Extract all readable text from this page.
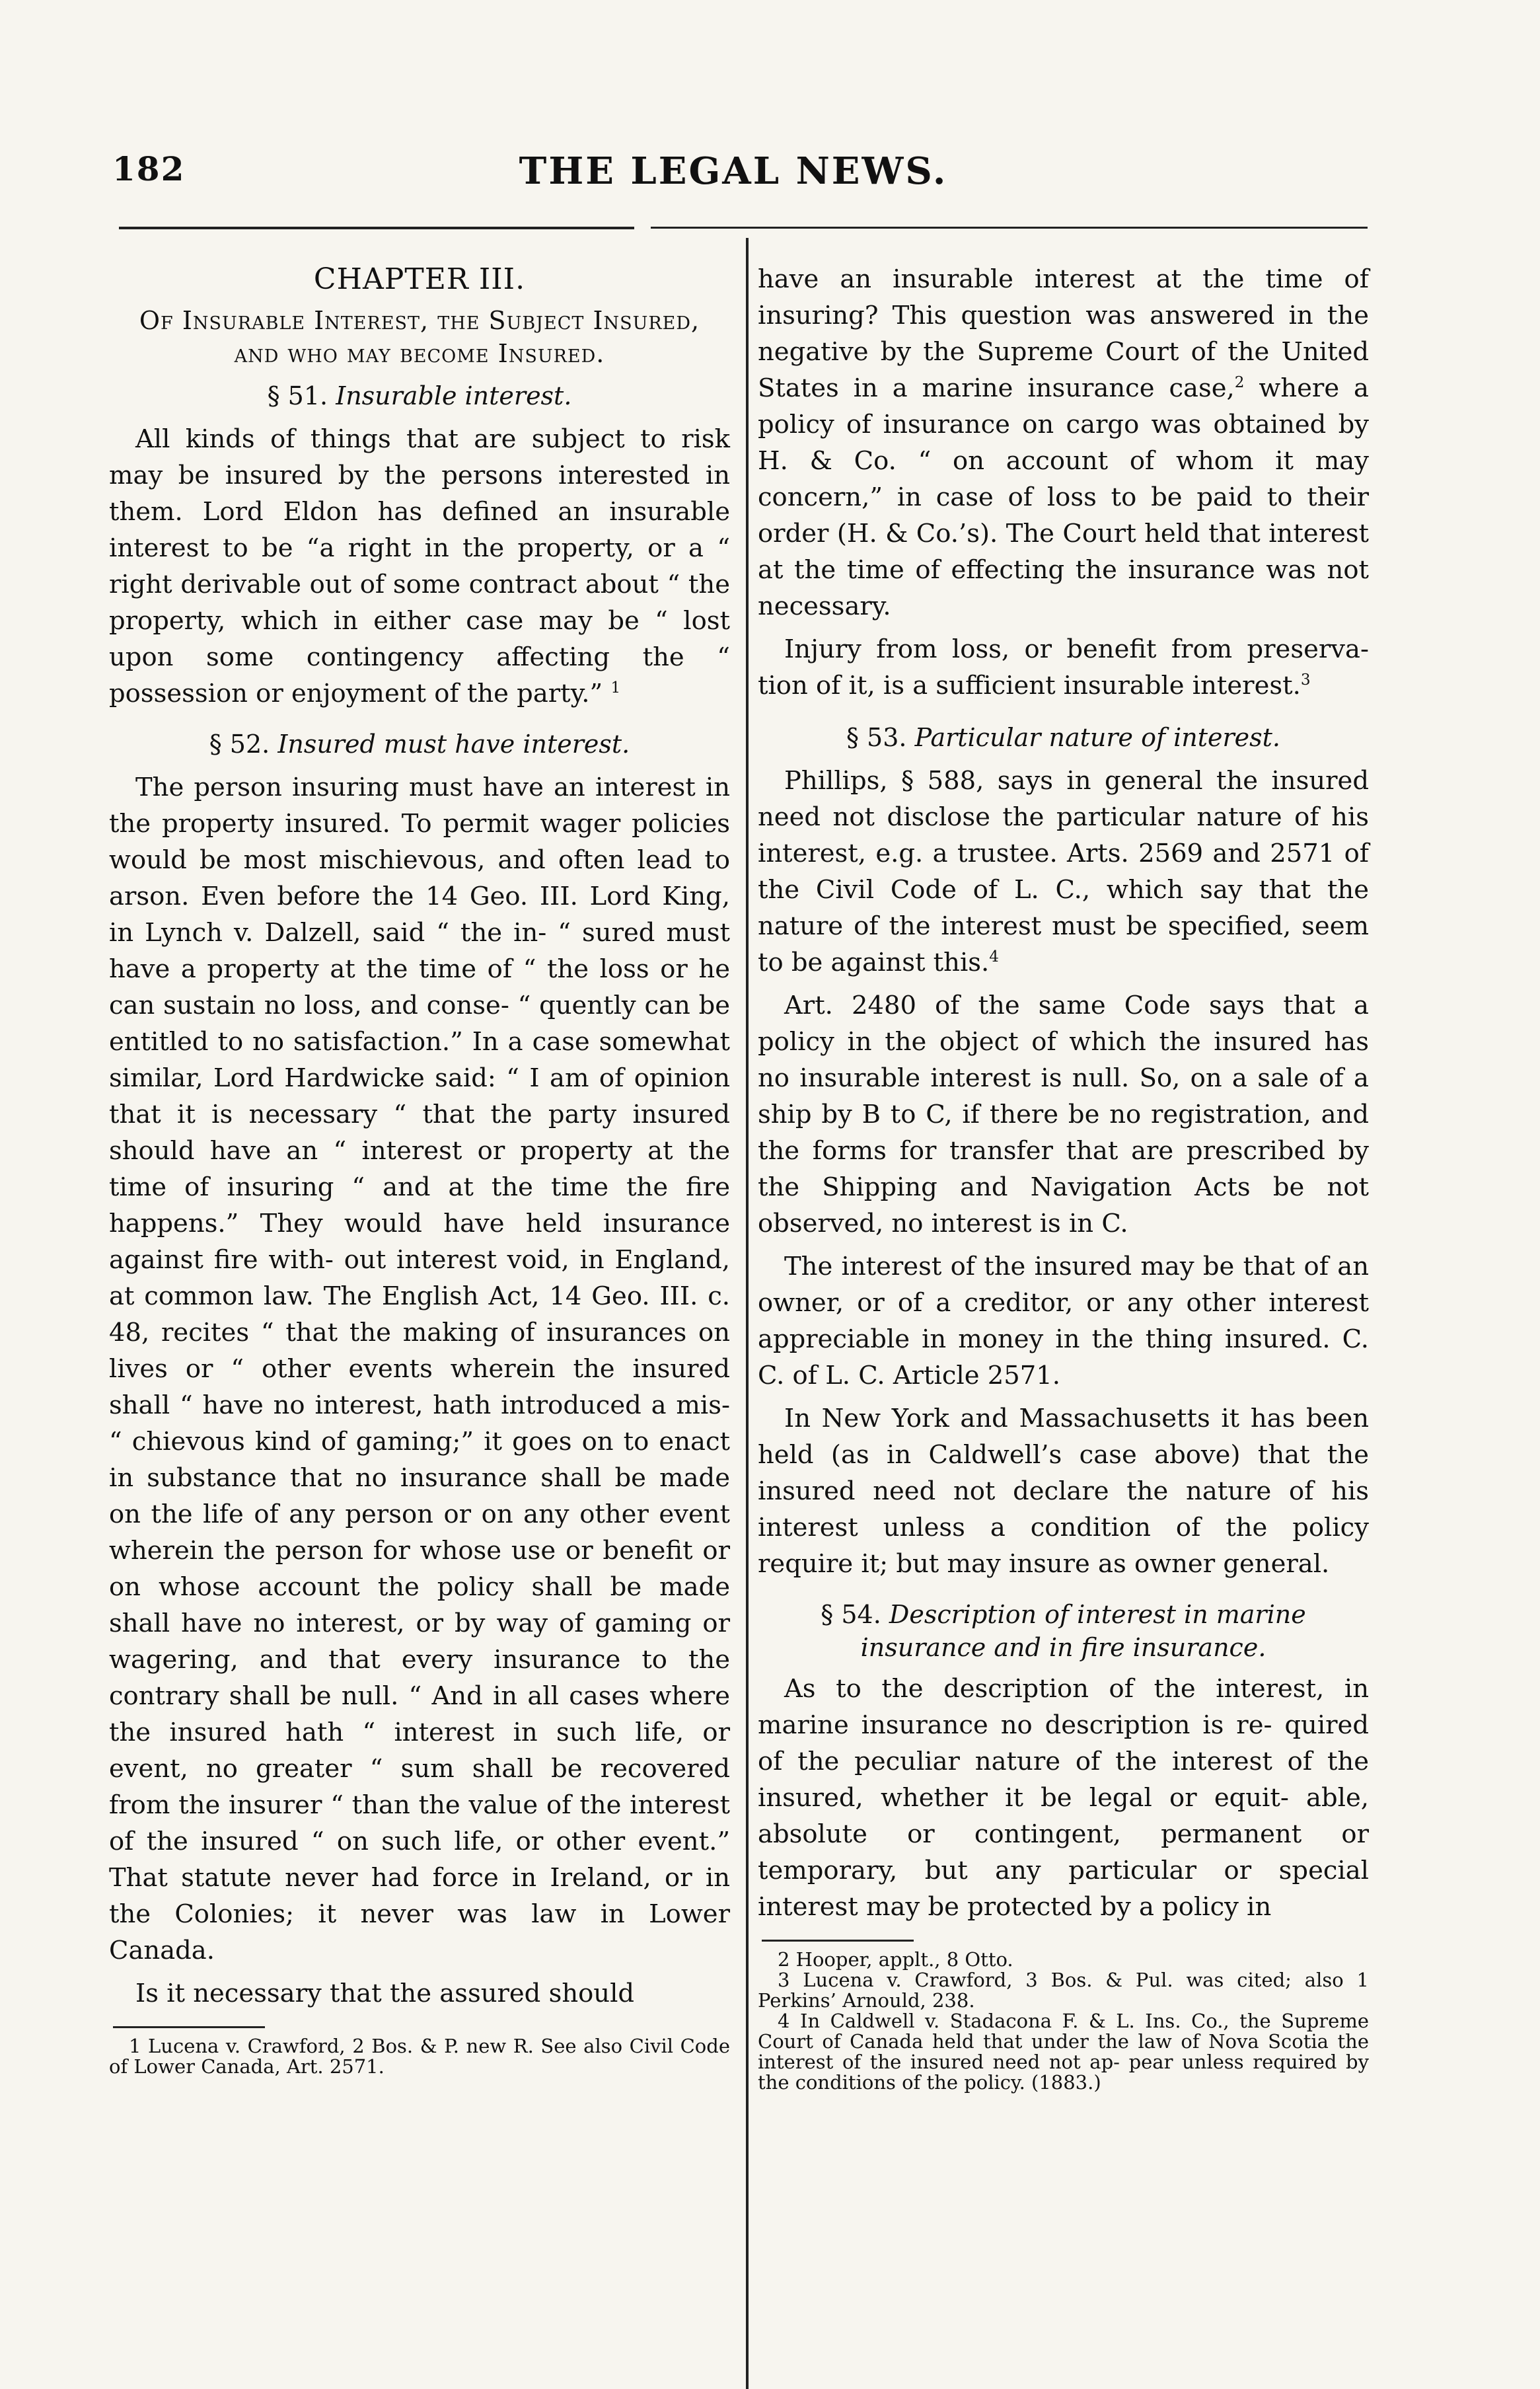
182	THE LEGAL NEWS.
CHAPTER III.
Of Insurable Interest, the Subject Insured,
and who may become Insured.
§ 51. Insurable interest.

All kinds of things that are subject to risk may be insured by the persons interested in them. Lord Eldon has defined an insurable interest to be “a right in the property, or a “ right derivable out of some contract about “ the property, which in either case may be “ lost upon some contingency affecting the “ possession or enjoyment of the party.” $^1$

§ 52. Insured must have interest.

The person insuring must have an interest in the property insured. To permit wager policies would be most mischievous, and often lead to arson. Even before the 14 Geo. III. Lord King, in Lynch v. Dalzell, said “ the in- “ sured must have a property at the time of “ the loss or he can sustain no loss, and conse- “ quently can be entitled to no satisfaction.” In a case somewhat similar, Lord Hardwicke said: “ I am of opinion that it is necessary “ that the party insured should have an “ interest or property at the time of insuring “ and at the time the fire happens.” They would have held insurance against fire with- out interest void, in England, at common law. The English Act, 14 Geo. III. c. 48, recites “ that the making of insurances on lives or “ other events wherein the insured shall “ have no interest, hath introduced a mis- “ chievous kind of gaming;” it goes on to enact in substance that no insurance shall be made on the life of any person or on any other event wherein the person for whose use or benefit or on whose account the policy shall be made shall have no interest, or by way of gaming or wagering, and that every insurance to the contrary shall be null. “ And in all cases where the insured hath “ interest in such life, or event, no greater “ sum shall be recovered from the insurer “ than the value of the interest of the insured “ on such life, or other event.” That statute never had force in Ireland, or in the Colonies; it never was law in Lower Canada.

Is it necessary that the assured should

1 Lucena v. Crawford, 2 Bos. & P. new R. See also Civil Code of Lower Canada, Art. 2571.

have an insurable interest at the time of insuring? This question was answered in the negative by the Supreme Court of the United States in a marine insurance case,$^2$ where a policy of insurance on cargo was obtained by H. & Co. “ on account of whom it may concern,” in case of loss to be paid to their order (H. & Co.’s). The Court held that interest at the time of effecting the insurance was not necessary.

Injury from loss, or benefit from preserva- tion of it, is a sufficient insurable interest.$^3$

§ 53. Particular nature of interest.

Phillips, § 588, says in general the insured need not disclose the particular nature of his interest, e.g. a trustee. Arts. 2569 and 2571 of the Civil Code of L. C., which say that the nature of the interest must be specified, seem to be against this.$^4$

Art. 2480 of the same Code says that a policy in the object of which the insured has no insurable interest is null. So, on a sale of a ship by B to C, if there be no registration, and the forms for transfer that are prescribed by the Shipping and Navigation Acts be not observed, no interest is in C.

The interest of the insured may be that of an owner, or of a creditor, or any other interest appreciable in money in the thing insured. C. C. of L. C. Article 2571.

In New York and Massachusetts it has been held (as in Caldwell’s case above) that the insured need not declare the nature of his interest unless a condition of the policy require it; but may insure as owner general.

§ 54. Description of interest in marine insurance and in fire insurance.

As to the description of the interest, in marine insurance no description is re- quired of the peculiar nature of the interest of the insured, whether it be legal or equit- able, absolute or contingent, permanent or temporary, but any particular or special interest may be protected by a policy in

2 Hooper, applt., 8 Otto.

3 Lucena v. Crawford, 3 Bos. & Pul. was cited; also 1 Perkins’ Arnould, 238.

4 In Caldwell v. Stadacona F. & L. Ins. Co., the Supreme Court of Canada held that under the law of Nova Scotia the interest of the insured need not ap- pear unless required by the conditions of the policy. (1883.)
